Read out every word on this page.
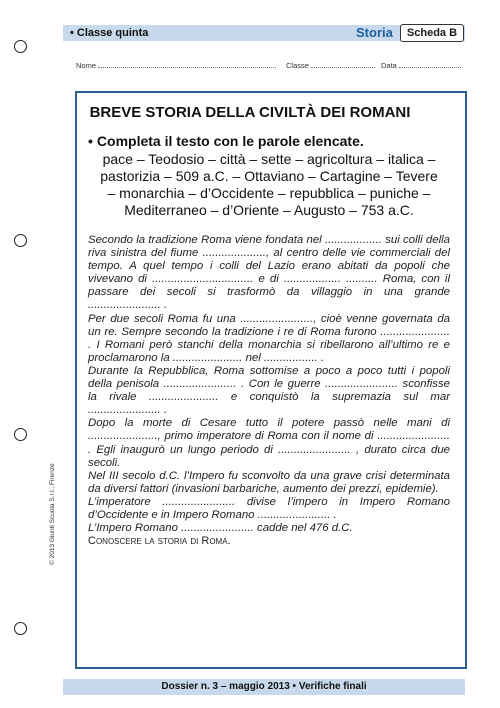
• Classe quinta	Storia	Scheda B
Nome	Classe	Data
© 2013 Giunti Scuola S.r.l., Firenze
BREVE STORIA DELLA CIVILTÀ DEI ROMANI
• Completa il testo con le parole elencate.
pace – Teodosio – città – sette – agricoltura – italica –
pastorizia – 509 a.C. – Ottaviano – Cartagine – Tevere
– monarchia – d’Occidente – repubblica – puniche –
Mediterraneo – d’Oriente – Augusto – 753 a.C.

Secondo la tradizione Roma viene fondata nel .................. sui colli della riva sinistra del fiume ...................., al centro delle vie commerciali del tempo. A quel tempo i colli del Lazio erano abitati da popoli che vivevano di ................................ e di .................. .......... Roma, con il passare dei secoli si trasformò da villaggio in una grande ....................... .

Per due secoli Roma fu una ......................., cioè venne governata da un re. Sempre secondo la tradizione i re di Roma furono ...................... . I Romani però stanchi della monarchia si ribellarono all’ultimo re e proclamarono la ...................... nel ................. .

Durante la Repubblica, Roma sottomise a poco a poco tutti i popoli della penisola ....................... . Con le guerre ....................... sconfisse la rivale ...................... e conquistò la supremazia sul mar ....................... .

Dopo la morte di Cesare tutto il potere passò nelle mani di ......................, primo imperatore di Roma con il nome di ....................... . Egli inaugurò un lungo periodo di ....................... , durato circa due secoli.

Nel III secolo d.C. l’Impero fu sconvolto da una grave crisi determinata da diversi fattori (invasioni barbariche, aumento dei prezzi, epidemie).

L’imperatore ....................... divise l’impero in Impero Romano d’Occidente e in Impero Romano ....................... .

L’Impero Romano ....................... cadde nel 476 d.C.

Conoscere la storia di Roma.

Dossier n. 3 – maggio 2013 • Verifiche finali
